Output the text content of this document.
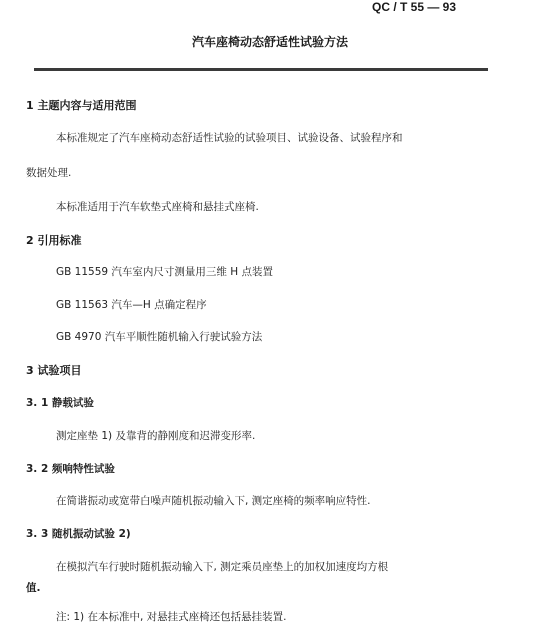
QC / T 55 — 93
汽车座椅动态舒适性试验方法
1 主题内容与适用范围
本标准规定了汽车座椅动态舒适性试验的试验项目、试验设备、试验程序和
数据处理.
本标准适用于汽车软垫式座椅和悬挂式座椅.
2 引用标准
GB 11559 汽车室内尺寸测量用三维 H 点装置
GB 11563 汽车—H 点确定程序
GB 4970 汽车平顺性随机输入行驶试验方法
3 试验项目
3. 1 静载试验
测定座垫 1) 及靠背的静刚度和迟滞变形率.
3. 2 频响特性试验
在简谐振动或宽带白噪声随机振动输入下, 测定座椅的频率响应特性.
3. 3 随机振动试验 2)
在模拟汽车行驶时随机振动输入下, 测定乘员座垫上的加权加速度均方根
值.
注: 1) 在本标准中, 对悬挂式座椅还包括悬挂装置.
